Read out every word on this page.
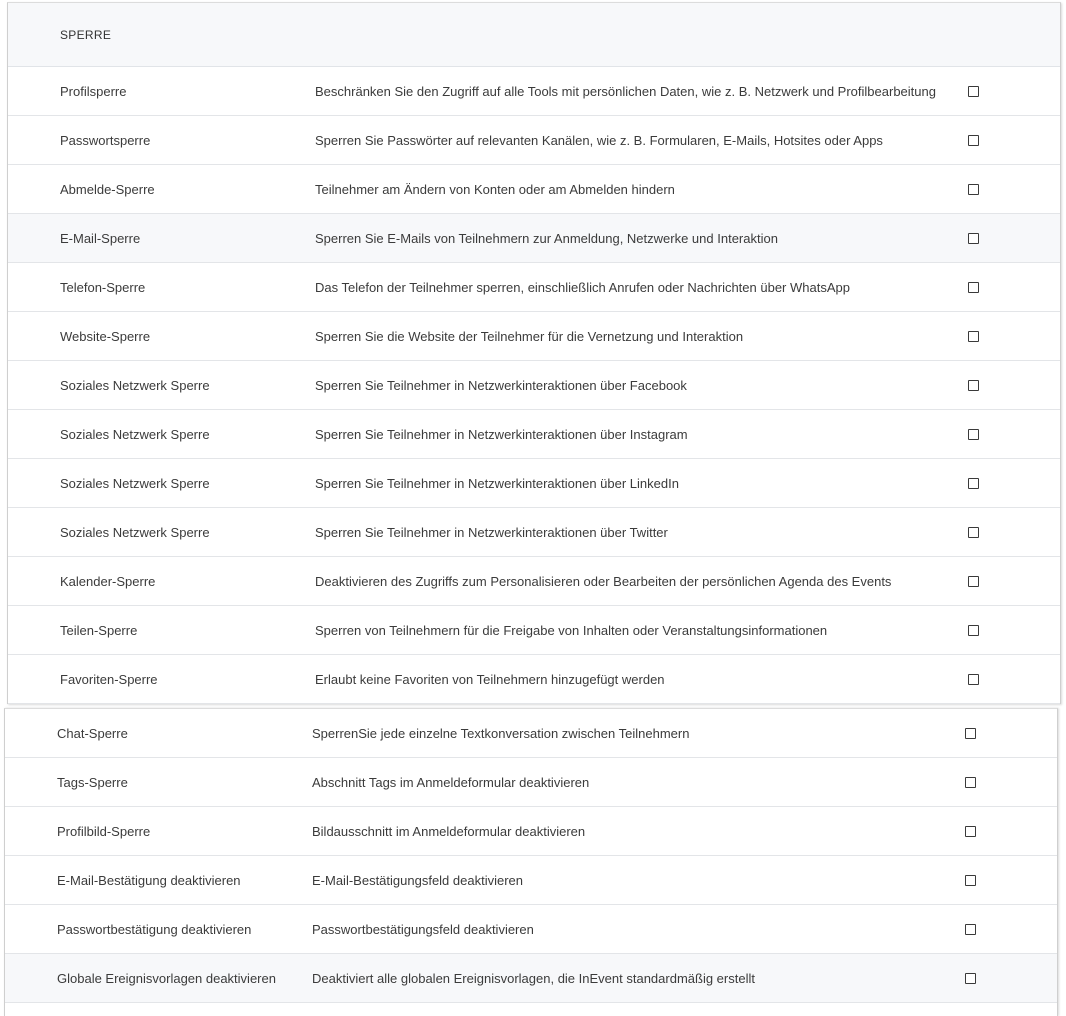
SPERRE
Profilsperre	Beschränken Sie den Zugriff auf alle Tools mit persönlichen Daten, wie z. B. Netzwerk und Profilbearbeitung
Passwortsperre	Sperren Sie Passwörter auf relevanten Kanälen, wie z. B. Formularen, E-Mails, Hotsites oder Apps
Abmelde-Sperre	Teilnehmer am Ändern von Konten oder am Abmelden hindern
E-Mail-Sperre	Sperren Sie E-Mails von Teilnehmern zur Anmeldung, Netzwerke und Interaktion
Telefon-Sperre	Das Telefon der Teilnehmer sperren, einschließlich Anrufen oder Nachrichten über WhatsApp
Website-Sperre	Sperren Sie die Website der Teilnehmer für die Vernetzung und Interaktion
Soziales Netzwerk Sperre	Sperren Sie Teilnehmer in Netzwerkinteraktionen über Facebook
Soziales Netzwerk Sperre	Sperren Sie Teilnehmer in Netzwerkinteraktionen über Instagram
Soziales Netzwerk Sperre	Sperren Sie Teilnehmer in Netzwerkinteraktionen über LinkedIn
Soziales Netzwerk Sperre	Sperren Sie Teilnehmer in Netzwerkinteraktionen über Twitter
Kalender-Sperre	Deaktivieren des Zugriffs zum Personalisieren oder Bearbeiten der persönlichen Agenda des Events
Teilen-Sperre	Sperren von Teilnehmern für die Freigabe von Inhalten oder Veranstaltungsinformationen
Favoriten-Sperre	Erlaubt keine Favoriten von Teilnehmern hinzugefügt werden
Chat-Sperre	SperrenSie jede einzelne Textkonversation zwischen Teilnehmern
Tags-Sperre	Abschnitt Tags im Anmeldeformular deaktivieren
Profilbild-Sperre	Bildausschnitt im Anmeldeformular deaktivieren
E-Mail-Bestätigung deaktivieren	E-Mail-Bestätigungsfeld deaktivieren
Passwortbestätigung deaktivieren	Passwortbestätigungsfeld deaktivieren
Globale Ereignisvorlagen deaktivieren	Deaktiviert alle globalen Ereignisvorlagen, die InEvent standardmäßig erstellt
